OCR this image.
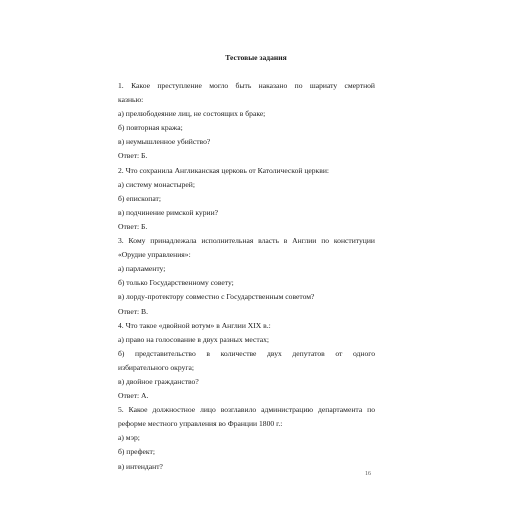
Тестовые задания
1. Какое преступление могло быть наказано по шариату смертной
казнью:
а) прелюбодеяние лиц, не состоящих в браке;
б) повторная кража;
в) неумышленное убийство?
Ответ: Б.
2. Что сохранила Англиканская церковь от Католической церкви:
а) систему монастырей;
б) епископат;
в) подчинение римской курии?
Ответ: Б.
3. Кому принадлежала исполнительная власть в Англии по конституции
«Орудие управления»:
а) парламенту;
б) только Государственному совету;
в) лорду-протектору совместно с Государственным советом?
Ответ: В.
4. Что такое «двойной вотум» в Англии XIX в.:
а) право на голосование в двух разных местах;
б) представительство в количестве двух депутатов от одного
избирательного округа;
в) двойное гражданство?
Ответ: А.
5. Какое должностное лицо возглавило администрацию департамента по
реформе местного управления во Франции 1800 г.:
а) мэр;
б) префект;
в) интендант?
16
